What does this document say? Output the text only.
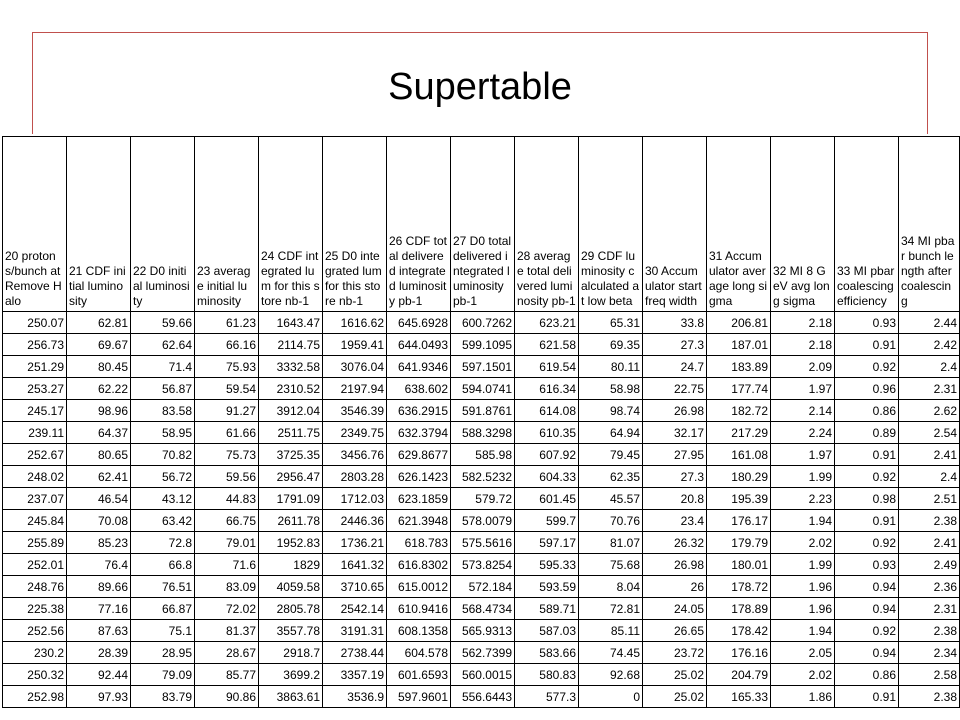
Supertable
20 protons/bunch at Remove Halo	21 CDF initial luminosity	22 D0 initial luminosity	23 average initial luminosity	24 CDF integrated lum for this store nb-1	25 D0 integrated lum for this store nb-1	26 CDF total delivered integrated luminosity pb-1	27 D0 total delivered integrated luminosity pb-1	28 average total delivered luminosity pb-1	29 CDF luminosity calculated at low beta	30 Accumulator start freq width	31 Accumulator average long sigma	32 MI 8 GeV avg long sigma	33 MI pbar coalescing efficiency	34 MI pbar bunch length after coalescing
250.07	62.81	59.66	61.23	1643.47	1616.62	645.6928	600.7262	623.21	65.31	33.8	206.81	2.18	0.93	2.44
256.73	69.67	62.64	66.16	2114.75	1959.41	644.0493	599.1095	621.58	69.35	27.3	187.01	2.18	0.91	2.42
251.29	80.45	71.4	75.93	3332.58	3076.04	641.9346	597.1501	619.54	80.11	24.7	183.89	2.09	0.92	2.4
253.27	62.22	56.87	59.54	2310.52	2197.94	638.602	594.0741	616.34	58.98	22.75	177.74	1.97	0.96	2.31
245.17	98.96	83.58	91.27	3912.04	3546.39	636.2915	591.8761	614.08	98.74	26.98	182.72	2.14	0.86	2.62
239.11	64.37	58.95	61.66	2511.75	2349.75	632.3794	588.3298	610.35	64.94	32.17	217.29	2.24	0.89	2.54
252.67	80.65	70.82	75.73	3725.35	3456.76	629.8677	585.98	607.92	79.45	27.95	161.08	1.97	0.91	2.41
248.02	62.41	56.72	59.56	2956.47	2803.28	626.1423	582.5232	604.33	62.35	27.3	180.29	1.99	0.92	2.4
237.07	46.54	43.12	44.83	1791.09	1712.03	623.1859	579.72	601.45	45.57	20.8	195.39	2.23	0.98	2.51
245.84	70.08	63.42	66.75	2611.78	2446.36	621.3948	578.0079	599.7	70.76	23.4	176.17	1.94	0.91	2.38
255.89	85.23	72.8	79.01	1952.83	1736.21	618.783	575.5616	597.17	81.07	26.32	179.79	2.02	0.92	2.41
252.01	76.4	66.8	71.6	1829	1641.32	616.8302	573.8254	595.33	75.68	26.98	180.01	1.99	0.93	2.49
248.76	89.66	76.51	83.09	4059.58	3710.65	615.0012	572.184	593.59	8.04	26	178.72	1.96	0.94	2.36
225.38	77.16	66.87	72.02	2805.78	2542.14	610.9416	568.4734	589.71	72.81	24.05	178.89	1.96	0.94	2.31
252.56	87.63	75.1	81.37	3557.78	3191.31	608.1358	565.9313	587.03	85.11	26.65	178.42	1.94	0.92	2.38
230.2	28.39	28.95	28.67	2918.7	2738.44	604.578	562.7399	583.66	74.45	23.72	176.16	2.05	0.94	2.34
250.32	92.44	79.09	85.77	3699.2	3357.19	601.6593	560.0015	580.83	92.68	25.02	204.79	2.02	0.86	2.58
252.98	97.93	83.79	90.86	3863.61	3536.9	597.9601	556.6443	577.3	0	25.02	165.33	1.86	0.91	2.38
